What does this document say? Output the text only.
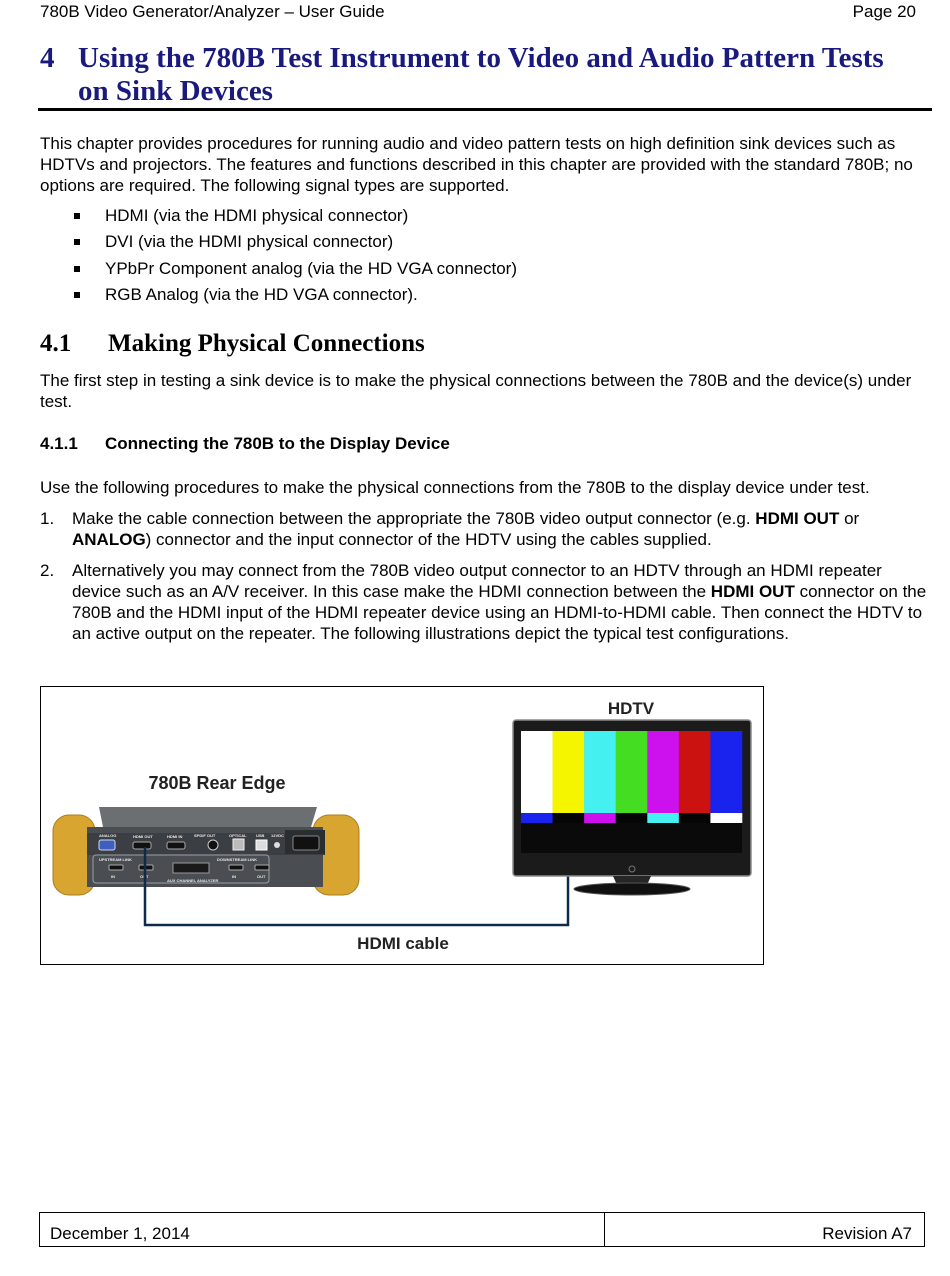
780B Video Generator/Analyzer – User Guide	Page 20
4 Using the 780B Test Instrument to Video and Audio Pattern Tests on Sink Devices
This chapter provides procedures for running audio and video pattern tests on high definition sink devices such as HDTVs and projectors. The features and functions described in this chapter are provided with the standard 780B; no options are required. The following signal types are supported.
HDMI (via the HDMI physical connector)
DVI (via the HDMI physical connector)
YPbPr Component analog (via the HD VGA connector)
RGB Analog (via the HD VGA connector).
4.1 Making Physical Connections
The first step in testing a sink device is to make the physical connections between the 780B and the device(s) under test.
4.1.1 Connecting the 780B to the Display Device
Use the following procedures to make the physical connections from the 780B to the display device under test.
1. Make the cable connection between the appropriate the 780B video output connector (e.g. HDMI OUT or ANALOG) connector and the input connector of the HDTV using the cables supplied.
2. Alternatively you may connect from the 780B video output connector to an HDTV through an HDMI repeater device such as an A/V receiver. In this case make the HDMI connection between the HDMI OUT connector on the 780B and the HDMI input of the HDMI repeater device using an HDMI-to-HDMI cable. Then connect the HDTV to an active output on the repeater. The following illustrations depict the typical test configurations.
780B Rear Edge
HDTV
HDMI cable
ANALOG	HDMI OUT	HDMI IN	SPDIF OUT	OPTICAL USB 12VDC
UPSTREAM LINK	DOWNSTREAM LINK
IN	OUT	IN	OUT
AUX CHANNEL ANALYZER
December 1, 2014	Revision A7
